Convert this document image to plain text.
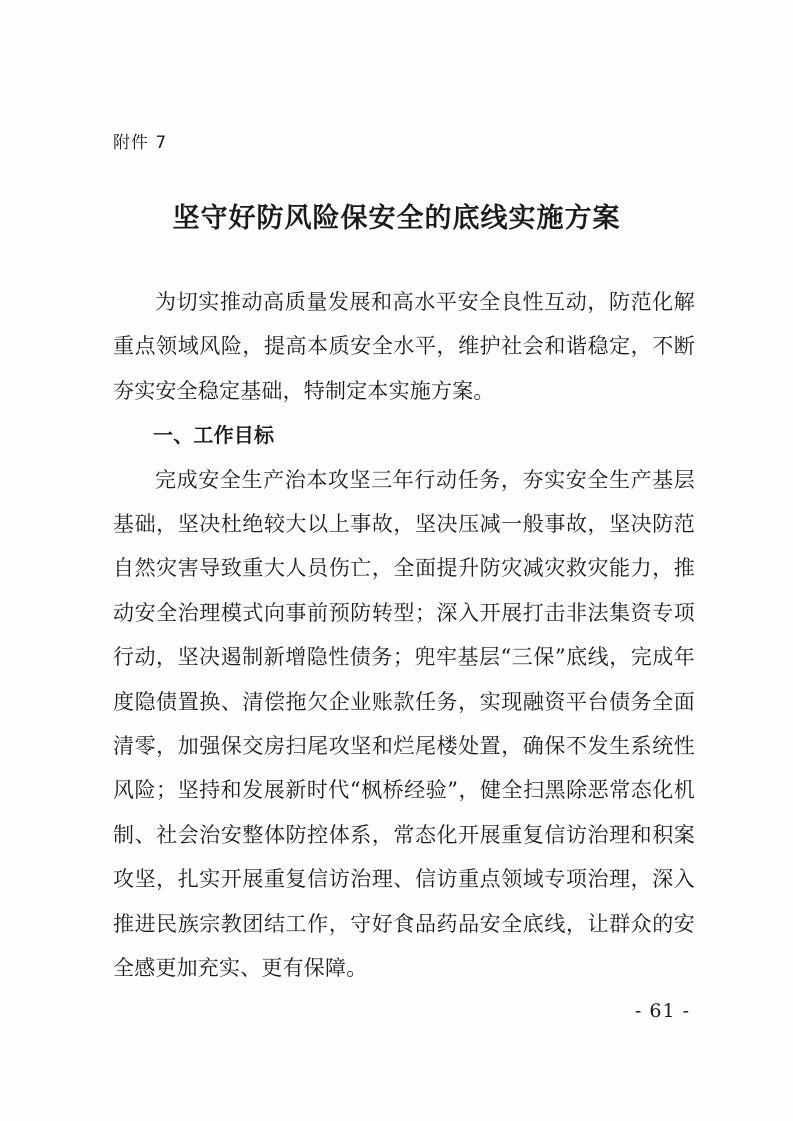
附件 7
坚守好防风险保安全的底线实施方案

为切实推动高质量发展和高水平安全良性互动，防范化解重点领域风险，提高本质安全水平，维护社会和谐稳定，不断夯实安全稳定基础，特制定本实施方案。

一、工作目标

完成安全生产治本攻坚三年行动任务，夯实安全生产基层基础，坚决杜绝较大以上事故，坚决压减一般事故，坚决防范自然灾害导致重大人员伤亡，全面提升防灾减灾救灾能力，推动安全治理模式向事前预防转型；深入开展打击非法集资专项行动，坚决遏制新增隐性债务；兜牢基层“三保”底线，完成年度隐债置换、清偿拖欠企业账款任务，实现融资平台债务全面清零，加强保交房扫尾攻坚和烂尾楼处置，确保不发生系统性风险；坚持和发展新时代“枫桥经验”，健全扫黑除恶常态化机制、社会治安整体防控体系，常态化开展重复信访治理和积案攻坚，扎实开展重复信访治理、信访重点领域专项治理，深入推进民族宗教团结工作，守好食品药品安全底线，让群众的安全感更加充实、更有保障。

- 61 -
